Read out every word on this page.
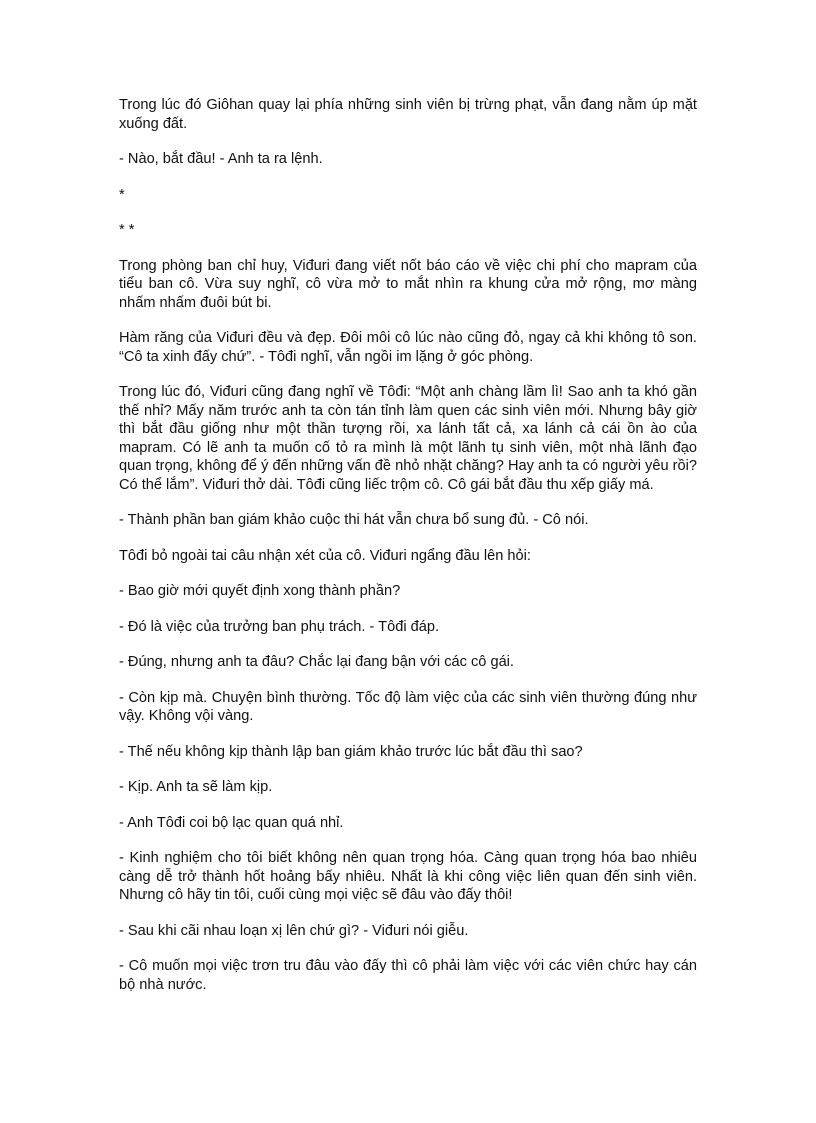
Trong lúc đó Giôhan quay lại phía những sinh viên bị trừng phạt, vẫn đang nằm úp mặt xuống đất.

- Nào, bắt đầu! - Anh ta ra lệnh.

*

* *

Trong phòng ban chỉ huy, Viđuri đang viết nốt báo cáo về việc chi phí cho mapram của tiểu ban cô. Vừa suy nghĩ, cô vừa mở to mắt nhìn ra khung cửa mở rộng, mơ màng nhấm nhấm đuôi bút bi.

Hàm răng của Viđuri đều và đẹp. Đôi môi cô lúc nào cũng đỏ, ngay cả khi không tô son. “Cô ta xinh đấy chứ”. - Tôđi nghĩ, vẫn ngồi im lặng ở góc phòng.

Trong lúc đó, Viđuri cũng đang nghĩ về Tôđi: “Một anh chàng lầm lì! Sao anh ta khó gần thế nhỉ? Mấy năm trước anh ta còn tán tỉnh làm quen các sinh viên mới. Nhưng bây giờ thì bắt đầu giống như một thần tượng rồi, xa lánh tất cả, xa lánh cả cái ồn ào của mapram. Có lẽ anh ta muốn cố tỏ ra mình là một lãnh tụ sinh viên, một nhà lãnh đạo quan trọng, không để ý đến những vấn đề nhỏ nhặt chăng? Hay anh ta có người yêu rồi? Có thể lắm”. Viđuri thở dài. Tôđi cũng liếc trộm cô. Cô gái bắt đầu thu xếp giấy má.

- Thành phần ban giám khảo cuộc thi hát vẫn chưa bổ sung đủ. - Cô nói.

Tôđi bỏ ngoài tai câu nhận xét của cô. Viđuri ngẩng đầu lên hỏi:

- Bao giờ mới quyết định xong thành phần?

- Đó là việc của trưởng ban phụ trách. - Tôđi đáp.

- Đúng, nhưng anh ta đâu? Chắc lại đang bận với các cô gái.

- Còn kịp mà. Chuyện bình thường. Tốc độ làm việc của các sinh viên thường đúng như vậy. Không vội vàng.

- Thế nếu không kịp thành lập ban giám khảo trước lúc bắt đầu thì sao?

- Kịp. Anh ta sẽ làm kịp.

- Anh Tôđi coi bộ lạc quan quá nhỉ.

- Kinh nghiệm cho tôi biết không nên quan trọng hóa. Càng quan trọng hóa bao nhiêu càng dễ trở thành hốt hoảng bấy nhiêu. Nhất là khi công việc liên quan đến sinh viên. Nhưng cô hãy tin tôi, cuối cùng mọi việc sẽ đâu vào đấy thôi!

- Sau khi cãi nhau loạn xị lên chứ gì? - Viđuri nói giễu.

- Cô muốn mọi việc trơn tru đâu vào đấy thì cô phải làm việc với các viên chức hay cán bộ nhà nước.
